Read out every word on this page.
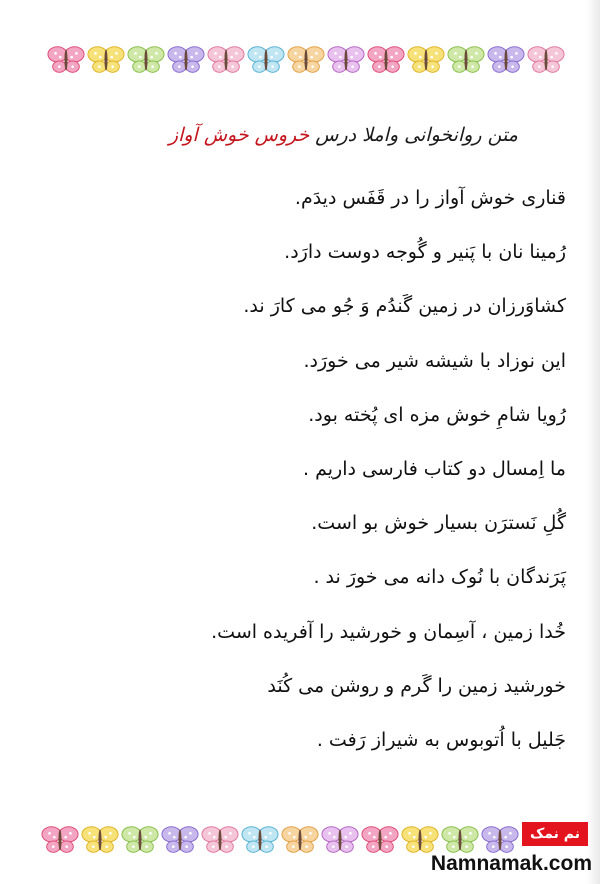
متن روانخوانی واملا درس خروس خوش آواز
قناری خوش آواز را در قَفَس دیدَم.
رُمینا نان با پَنیر و گُوجه دوست دارَد.
کشاوَرزان در زمین گَندُم وَ جُو می کارَ ند.
این نوزاد با شیشه شیر می خورَد.
رُویا شامِ خوش مزه ای پُخته بود.
ما اِمسال دو کتاب فارسی داریم .
گُلِ نَسترَن بسیار خوش بو است.
پَرَندگان با نُوک دانه می خورَ ند .
خُدا زمین ، آسِمان و خورشید را آفریده است.
خورشید زمین را گَرم و روشن می کُنَد
جَلیل با اُتوبوس به شیراز رَفت .
نم نمک
Namnamak.com
